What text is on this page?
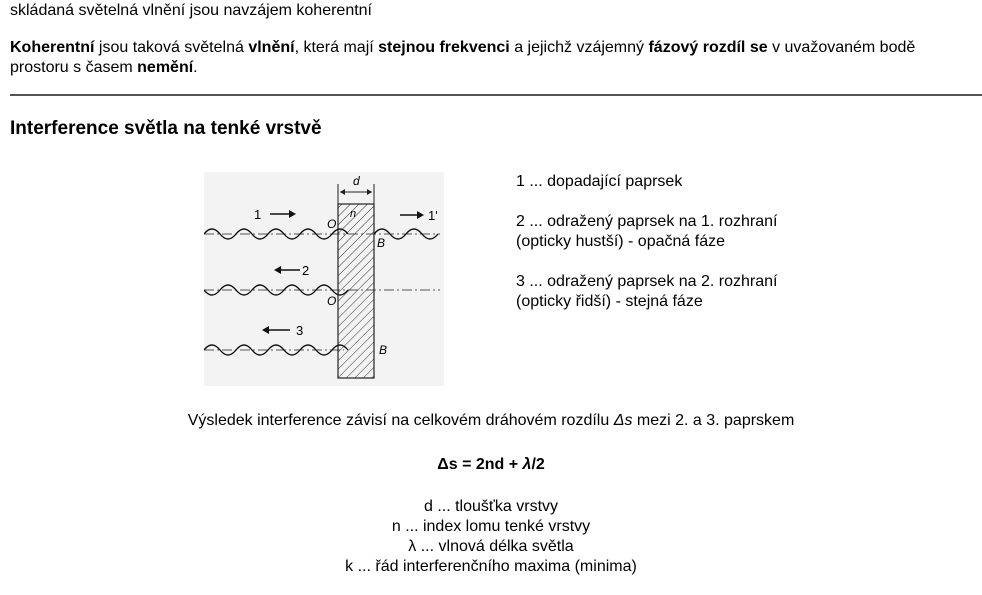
skládaná světelná vlnění jsou navzájem koherentní
Koherentní jsou taková světelná vlnění, která mají stejnou frekvenci a jejichž vzájemný fázový rozdíl se v uvažovaném bodě prostoru s časem nemění.
Interference světla na tenké vrstvě
d
n
1	1'
2
3
O
O
B
B

1 ... dopadající paprsek

2 ... odražený paprsek na 1. rozhraní
(opticky hustší) - opačná fáze

3 ... odražený paprsek na 2. rozhraní
(opticky řidší) - stejná fáze

Výsledek interference závisí na celkovém dráhovém rozdílu Δs mezi 2. a 3. paprskem
Δs = 2nd + λ/2
d ... tloušťka vrstvy
n ... index lomu tenké vrstvy
λ ... vlnová délka světla
k ... řád interferenčního maxima (minima)
